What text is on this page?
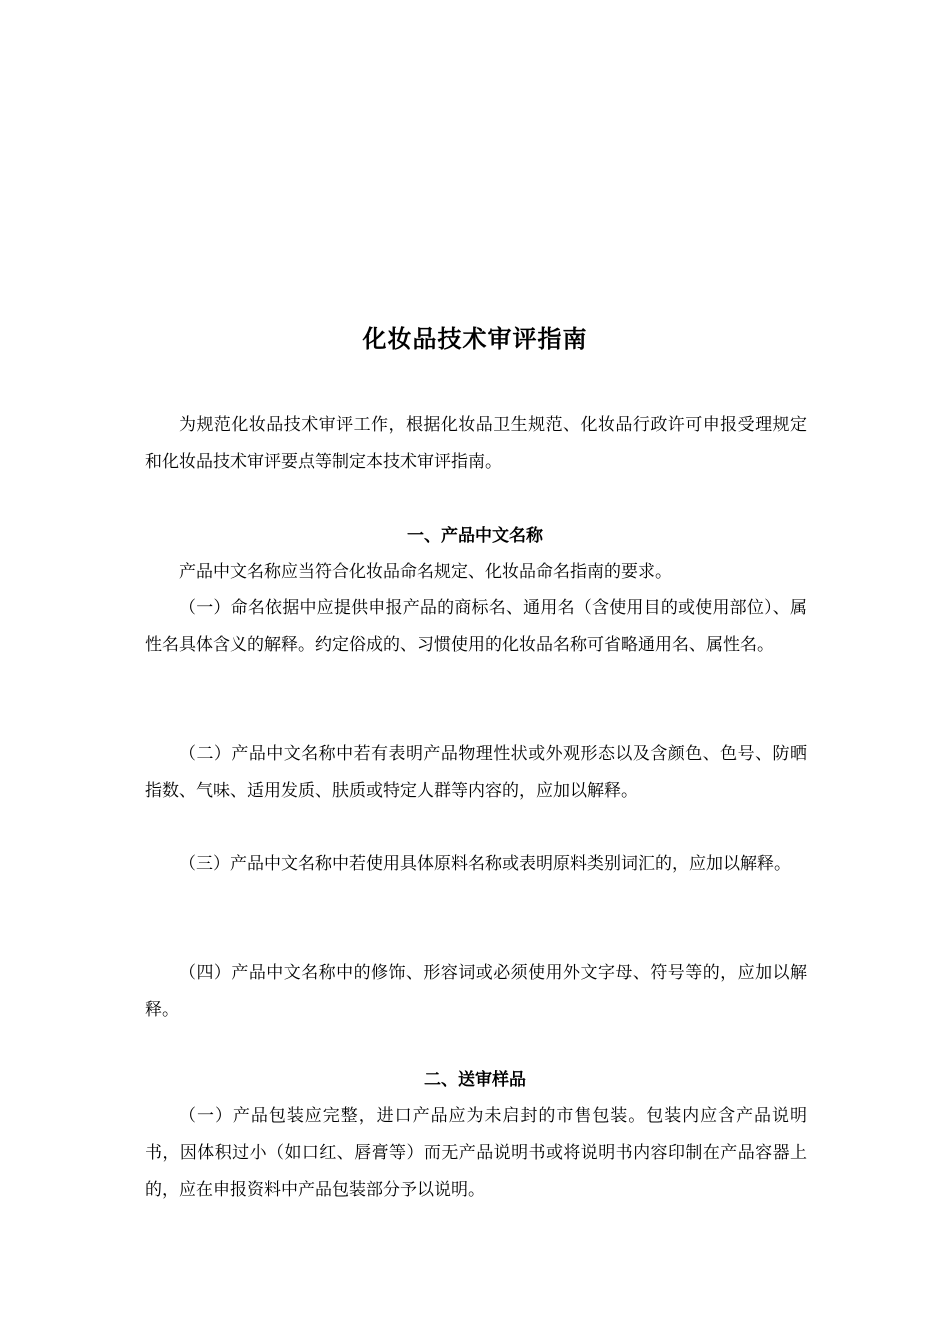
化妆品技术审评指南

为规范化妆品技术审评工作，根据化妆品卫生规范、化妆品行政许可申报受理规定和化妆品技术审评要点等制定本技术审评指南。

一、产品中文名称

产品中文名称应当符合化妆品命名规定、化妆品命名指南的要求。

（一）命名依据中应提供申报产品的商标名、通用名（含使用目的或使用部位）、属性名具体含义的解释。约定俗成的、习惯使用的化妆品名称可省略通用名、属性名。

（二）产品中文名称中若有表明产品物理性状或外观形态以及含颜色、色号、防晒指数、气味、适用发质、肤质或特定人群等内容的，应加以解释。

（三）产品中文名称中若使用具体原料名称或表明原料类别词汇的，应加以解释。

（四）产品中文名称中的修饰、形容词或必须使用外文字母、符号等的，应加以解释。

二、送审样品

（一）产品包装应完整，进口产品应为未启封的市售包装。包装内应含产品说明书，因体积过小（如口红、唇膏等）而无产品说明书或将说明书内容印制在产品容器上的，应在申报资料中产品包装部分予以说明。
